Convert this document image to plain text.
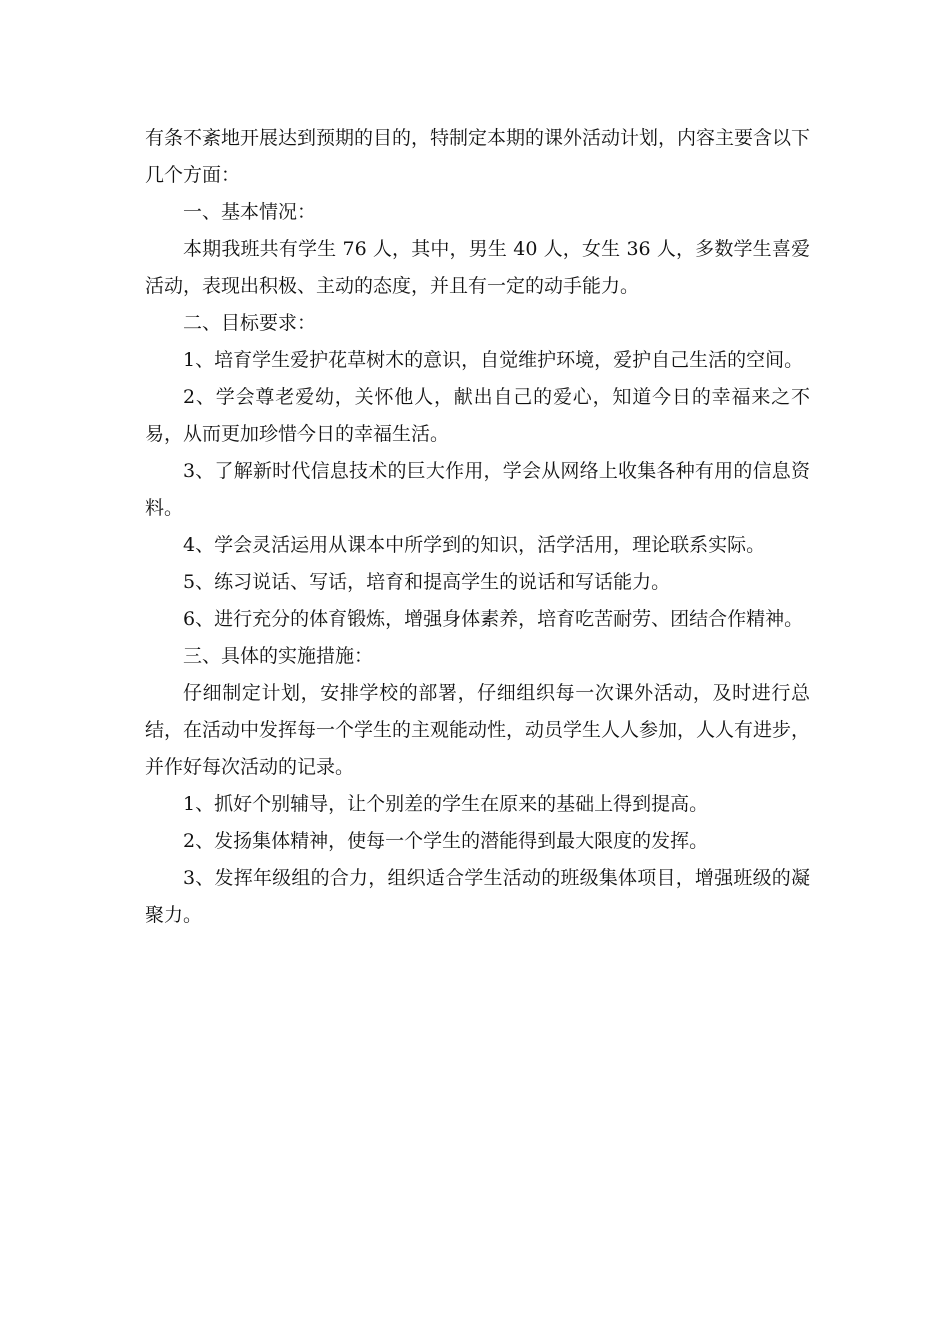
有条不紊地开展达到预期的目的，特制定本期的课外活动计划，内容主要含以下几个方面：

一、基本情况：

本期我班共有学生 76 人，其中，男生 40 人，女生 36 人，多数学生喜爱活动，表现出积极、主动的态度，并且有一定的动手能力。

二、目标要求：

1、培育学生爱护花草树木的意识，自觉维护环境，爱护自己生活的空间。

2、学会尊老爱幼，关怀他人，献出自己的爱心，知道今日的幸福来之不易，从而更加珍惜今日的幸福生活。

3、了解新时代信息技术的巨大作用，学会从网络上收集各种有用的信息资料。

4、学会灵活运用从课本中所学到的知识，活学活用，理论联系实际。

5、练习说话、写话，培育和提高学生的说话和写话能力。

6、进行充分的体育锻炼，增强身体素养，培育吃苦耐劳、团结合作精神。

三、具体的实施措施：

仔细制定计划，安排学校的部署，仔细组织每一次课外活动，及时进行总结，在活动中发挥每一个学生的主观能动性，动员学生人人参加，人人有进步，并作好每次活动的记录。

1、抓好个别辅导，让个别差的学生在原来的基础上得到提高。

2、发扬集体精神，使每一个学生的潜能得到最大限度的发挥。

3、发挥年级组的合力，组织适合学生活动的班级集体项目，增强班级的凝聚力。
